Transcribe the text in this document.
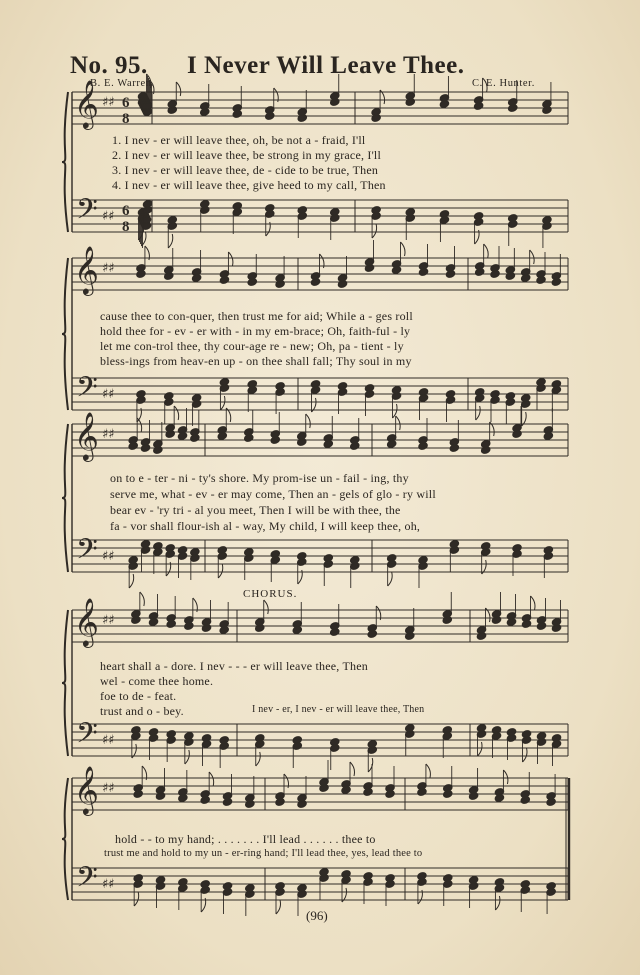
No. 95. I Never Will Leave Thee.
B. E. Warren.	C. E. Hunter.
𝄞
𝄢
♯♯
♯♯
6
8
6
8
𝄞
𝄢
♯♯
♯♯
𝄞
𝄢
♯♯
♯♯
𝄞
𝄢
♯♯
♯♯
𝄞
𝄢
♯♯
♯♯
1. I nev - er will leave thee, oh, be not a - fraid, I'll
2. I nev - er will leave thee, be strong in my grace, I'll
3. I nev - er will leave thee, de - cide to be true, Then
4. I nev - er will leave thee, give heed to my call, Then
cause thee to con-quer, then trust me for aid; While a - ges roll
hold thee for - ev - er with - in my em-brace; Oh, faith-ful - ly
let me con-trol thee, thy cour-age re - new; Oh, pa - tient - ly
bless-ings from heav-en up - on thee shall fall; Thy soul in my
on to e - ter - ni - ty's shore. My prom-ise un - fail - ing, thy
serve me, what - ev - er may come, Then an - gels of glo - ry will
bear ev - 'ry tri - al you meet, Then I will be with thee, the
fa - vor shall flour-ish al - way, My child, I will keep thee, oh,
CHORUS.
heart shall a - dore. I nev - - - er will leave thee, Then
wel - come thee home.
foe to de - feat.
trust and o - bey.	I nev - er, I nev - er will leave thee, Then
hold - - to my hand; . . . . . . . I'll lead . . . . . . thee to
trust me and hold to my un - er-ring hand; I'll lead thee, yes, lead thee to
(96)
